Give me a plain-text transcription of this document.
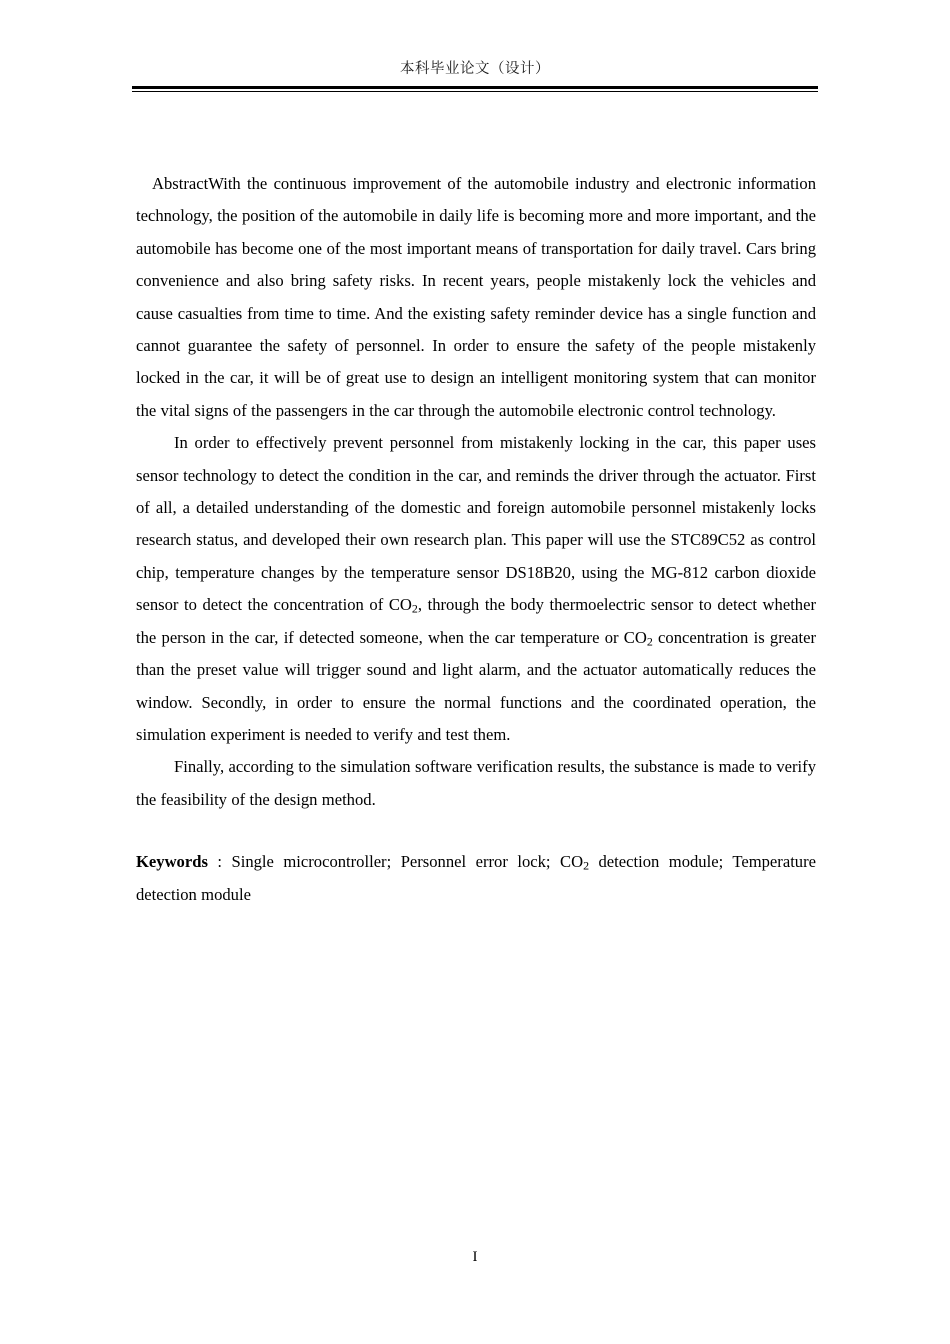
本科毕业论文（设计）

AbstractWith the continuous improvement of the automobile industry and electronic information technology, the position of the automobile in daily life is becoming more and more important, and the automobile has become one of the most important means of transportation for daily travel. Cars bring convenience and also bring safety risks. In recent years, people mistakenly lock the vehicles and cause casualties from time to time. And the existing safety reminder device has a single function and cannot guarantee the safety of personnel. In order to ensure the safety of the people mistakenly locked in the car, it will be of great use to design an intelligent monitoring system that can monitor the vital signs of the passengers in the car through the automobile electronic control technology.

In order to effectively prevent personnel from mistakenly locking in the car, this paper uses sensor technology to detect the condition in the car, and reminds the driver through the actuator. First of all, a detailed understanding of the domestic and foreign automobile personnel mistakenly locks research status, and developed their own research plan. This paper will use the STC89C52 as control chip, temperature changes by the temperature sensor DS18B20, using the MG-812 carbon dioxide sensor to detect the concentration of $CO_2$, through the body thermoelectric sensor to detect whether the person in the car, if detected someone, when the car temperature or $CO_2$ concentration is greater than the preset value will trigger sound and light alarm, and the actuator automatically reduces the window. Secondly, in order to ensure the normal functions and the coordinated operation, the simulation experiment is needed to verify and test them.

Finally, according to the simulation software verification results, the substance is made to verify the feasibility of the design method.

Keywords : Single microcontroller; Personnel error lock; $CO_2$ detection module; Temperature detection module

I
